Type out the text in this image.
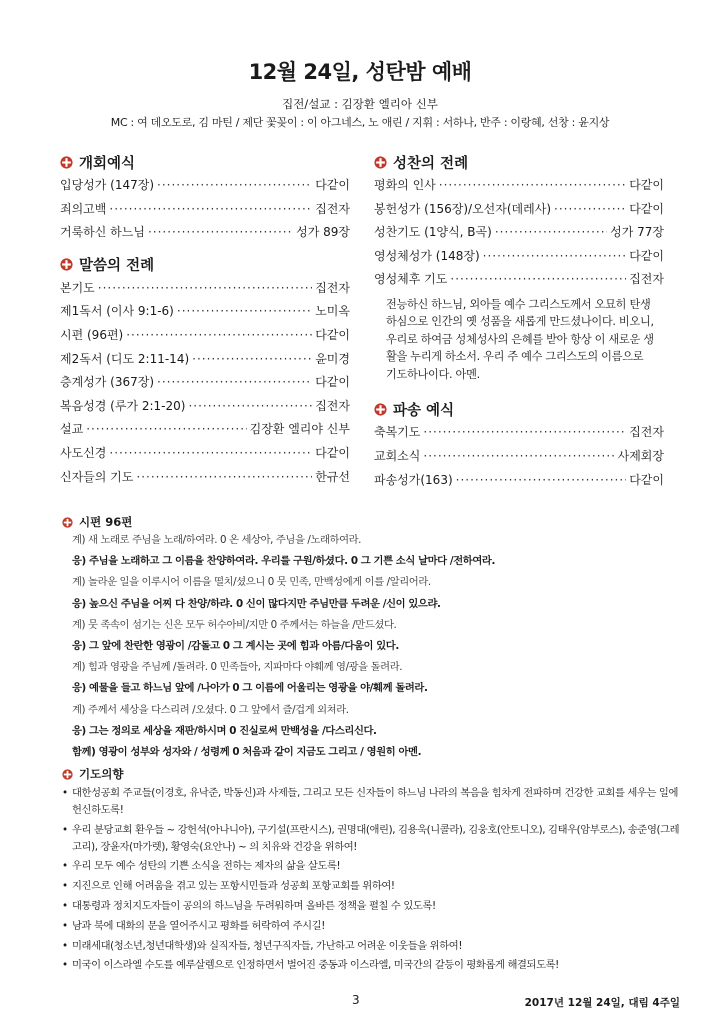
12월 24일, 성탄밤 예배
집전/설교 : 김장환 엘리아 신부
MC : 여 데오도로, 김 마틴 / 제단 꽃꽂이 : 이 아그네스, 노 애린 / 지휘 : 서하나, 반주 : 이랑혜, 선창 : 윤지상
개회예식
입당성가 (147장) ·····	다같이
죄의고백 ·····	집전자
거룩하신 하느님 ·····	성가 89장
말씀의 전례
본기도 ·····	집전자
제1독서 (이사 9:1-6) ·····	노미옥
시편 (96편) ·····	다같이
제2독서 (디도 2:11-14) ·····	윤미경
층계성가 (367장) ·····	다같이
복음성경 (루가 2:1-20) ·····	집전자
설교 ·····	김장환 엘리야 신부
사도신경 ·····	다같이
신자들의 기도 ·····	한규선
성찬의 전례
평화의 인사 ·····	다같이
봉헌성가 (156장)/오선자(데레사) ·····	다같이
성찬기도 (1양식, B곡) ·····	성가 77장
영성체성가 (148장) ·····	다같이
영성체후 기도 ·····	집전자
전능하신 하느님, 외아들 예수 그리스도께서 오묘히 탄생하심으로 인간의 옛 성품을 새롭게 만드셨나이다. 비오니, 우리로 하여금 성체성사의 은혜를 받아 항상 이 새로운 생활을 누리게 하소서. 우리 주 예수 그리스도의 이름으로 기도하나이다. 아멘.
파송 예식
축복기도 ·····	집전자
교회소식 ·····	사제회장
파송성가(163) ·····	다같이
시편 96편
계) 새 노래로 주님을 노래/하여라. 0 온 세상아, 주님을 /노래하여라.
응) 주님을 노래하고 그 이름을 찬양하여라. 우리를 구원/하셨다. 0 그 기쁜 소식 날마다 /전하여라.
계) 놀라운 일을 이루시어 이름을 떨치/셨으니 0 뭇 민족, 만백성에게 이를 /알리어라.
응) 높으신 주님을 어찌 다 찬양/하랴. 0 신이 많다지만 주님만큼 두려운 /신이 있으랴.
계) 뭇 족속이 섬기는 신은 모두 허수아비/지만 0 주께서는 하늘을 /만드셨다.
응) 그 앞에 찬란한 영광이 /감돌고 0 그 계시는 곳에 힘과 아름/다움이 있다.
계) 힘과 영광을 주님께 /돌려라. 0 민족들아, 지파마다 야훼께 영/광을 돌려라.
응) 예물을 들고 하느님 앞에 /나아가 0 그 이름에 어울리는 영광을 야/훼께 돌려라.
계) 주께서 세상을 다스리려 /오셨다. 0 그 앞에서 즐/겁게 외쳐라.
응) 그는 정의로 세상을 재판/하시며 0 진실로써 만백성을 /다스리신다.
함께) 영광이 성부와 성자와 / 성령께 0 처음과 같이 지금도 그리고 / 영원히 아멘.
기도의향
• 대한성공회 주교들(이경호, 유낙준, 박동신)과 사제들, 그리고 모든 신자들이 하느님 나라의 복음을 힘차게 전파하며 건강한 교회를 세우는 일에 헌신하도록!
• 우리 분당교회 환우들 ~ 강헌석(아나니아), 구기설(프란시스), 권명대(애린), 김용욱(니콜라), 김웅호(안토니오), 김태우(암부로스), 송준영(그레고리), 장윤자(마가렛), 황영숙(요안나) ~ 의 치유와 건강을 위하여!
• 우리 모두 예수 성탄의 기쁜 소식을 전하는 제자의 삶을 살도록!
• 지진으로 인해 어려움을 겪고 있는 포항시민들과 성공회 포항교회를 위하여!
• 대통령과 정치지도자들이 공의의 하느님을 두려워하며 올바른 정책을 펼칠 수 있도록!
• 남과 북에 대화의 문을 열어주시고 평화를 허락하여 주시길!
• 미래세대(청소년,청년대학생)와 실직자들, 청년구직자들, 가난하고 어려운 이웃들을 위하여!
• 미국이 이스라엘 수도를 예루살렘으로 인정하면서 벌어진 중동과 이스라엘, 미국간의 갈등이 평화롭게 해결되도록!
3	2017년 12월 24일, 대림 4주일
